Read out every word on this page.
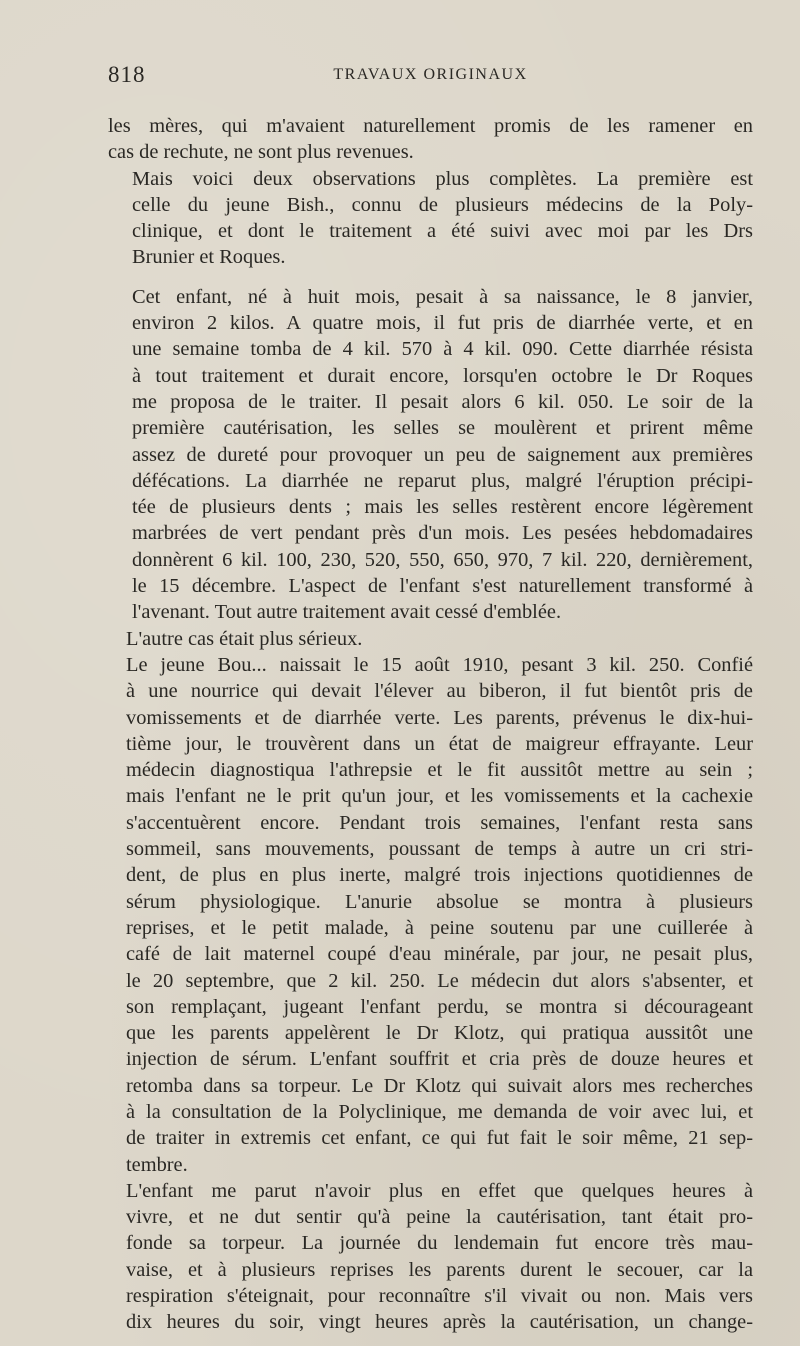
818	TRAVAUX ORIGINAUX

les mères, qui m'avaient naturellement promis de les ramener en
cas de rechute, ne sont plus revenues.

Mais voici deux observations plus complètes. La première est
celle du jeune Bish., connu de plusieurs médecins de la Poly-
clinique, et dont le traitement a été suivi avec moi par les Drs
Brunier et Roques.

Cet enfant, né à huit mois, pesait à sa naissance, le 8 janvier,
environ 2 kilos. A quatre mois, il fut pris de diarrhée verte, et en
une semaine tomba de 4 kil. 570 à 4 kil. 090. Cette diarrhée résista
à tout traitement et durait encore, lorsqu'en octobre le Dr Roques
me proposa de le traiter. Il pesait alors 6 kil. 050. Le soir de la
première cautérisation, les selles se moulèrent et prirent même
assez de dureté pour provoquer un peu de saignement aux premières
défécations. La diarrhée ne reparut plus, malgré l'éruption précipi-
tée de plusieurs dents ; mais les selles restèrent encore légèrement
marbrées de vert pendant près d'un mois. Les pesées hebdomadaires
donnèrent 6 kil. 100, 230, 520, 550, 650, 970, 7 kil. 220, dernièrement,
le 15 décembre. L'aspect de l'enfant s'est naturellement transformé à
l'avenant. Tout autre traitement avait cessé d'emblée.

L'autre cas était plus sérieux.

Le jeune Bou... naissait le 15 août 1910, pesant 3 kil. 250. Confié
à une nourrice qui devait l'élever au biberon, il fut bientôt pris de
vomissements et de diarrhée verte. Les parents, prévenus le dix-hui-
tième jour, le trouvèrent dans un état de maigreur effrayante. Leur
médecin diagnostiqua l'athrepsie et le fit aussitôt mettre au sein ;
mais l'enfant ne le prit qu'un jour, et les vomissements et la cachexie
s'accentuèrent encore. Pendant trois semaines, l'enfant resta sans
sommeil, sans mouvements, poussant de temps à autre un cri stri-
dent, de plus en plus inerte, malgré trois injections quotidiennes de
sérum physiologique. L'anurie absolue se montra à plusieurs
reprises, et le petit malade, à peine soutenu par une cuillerée à
café de lait maternel coupé d'eau minérale, par jour, ne pesait plus,
le 20 septembre, que 2 kil. 250. Le médecin dut alors s'absenter, et
son remplaçant, jugeant l'enfant perdu, se montra si décourageant
que les parents appelèrent le Dr Klotz, qui pratiqua aussitôt une
injection de sérum. L'enfant souffrit et cria près de douze heures et
retomba dans sa torpeur. Le Dr Klotz qui suivait alors mes recherches
à la consultation de la Polyclinique, me demanda de voir avec lui, et
de traiter in extremis cet enfant, ce qui fut fait le soir même, 21 sep-
tembre.

L'enfant me parut n'avoir plus en effet que quelques heures à
vivre, et ne dut sentir qu'à peine la cautérisation, tant était pro-
fonde sa torpeur. La journée du lendemain fut encore très mau-
vaise, et à plusieurs reprises les parents durent le secouer, car la
respiration s'éteignait, pour reconnaître s'il vivait ou non. Mais vers
dix heures du soir, vingt heures après la cautérisation, un change-
